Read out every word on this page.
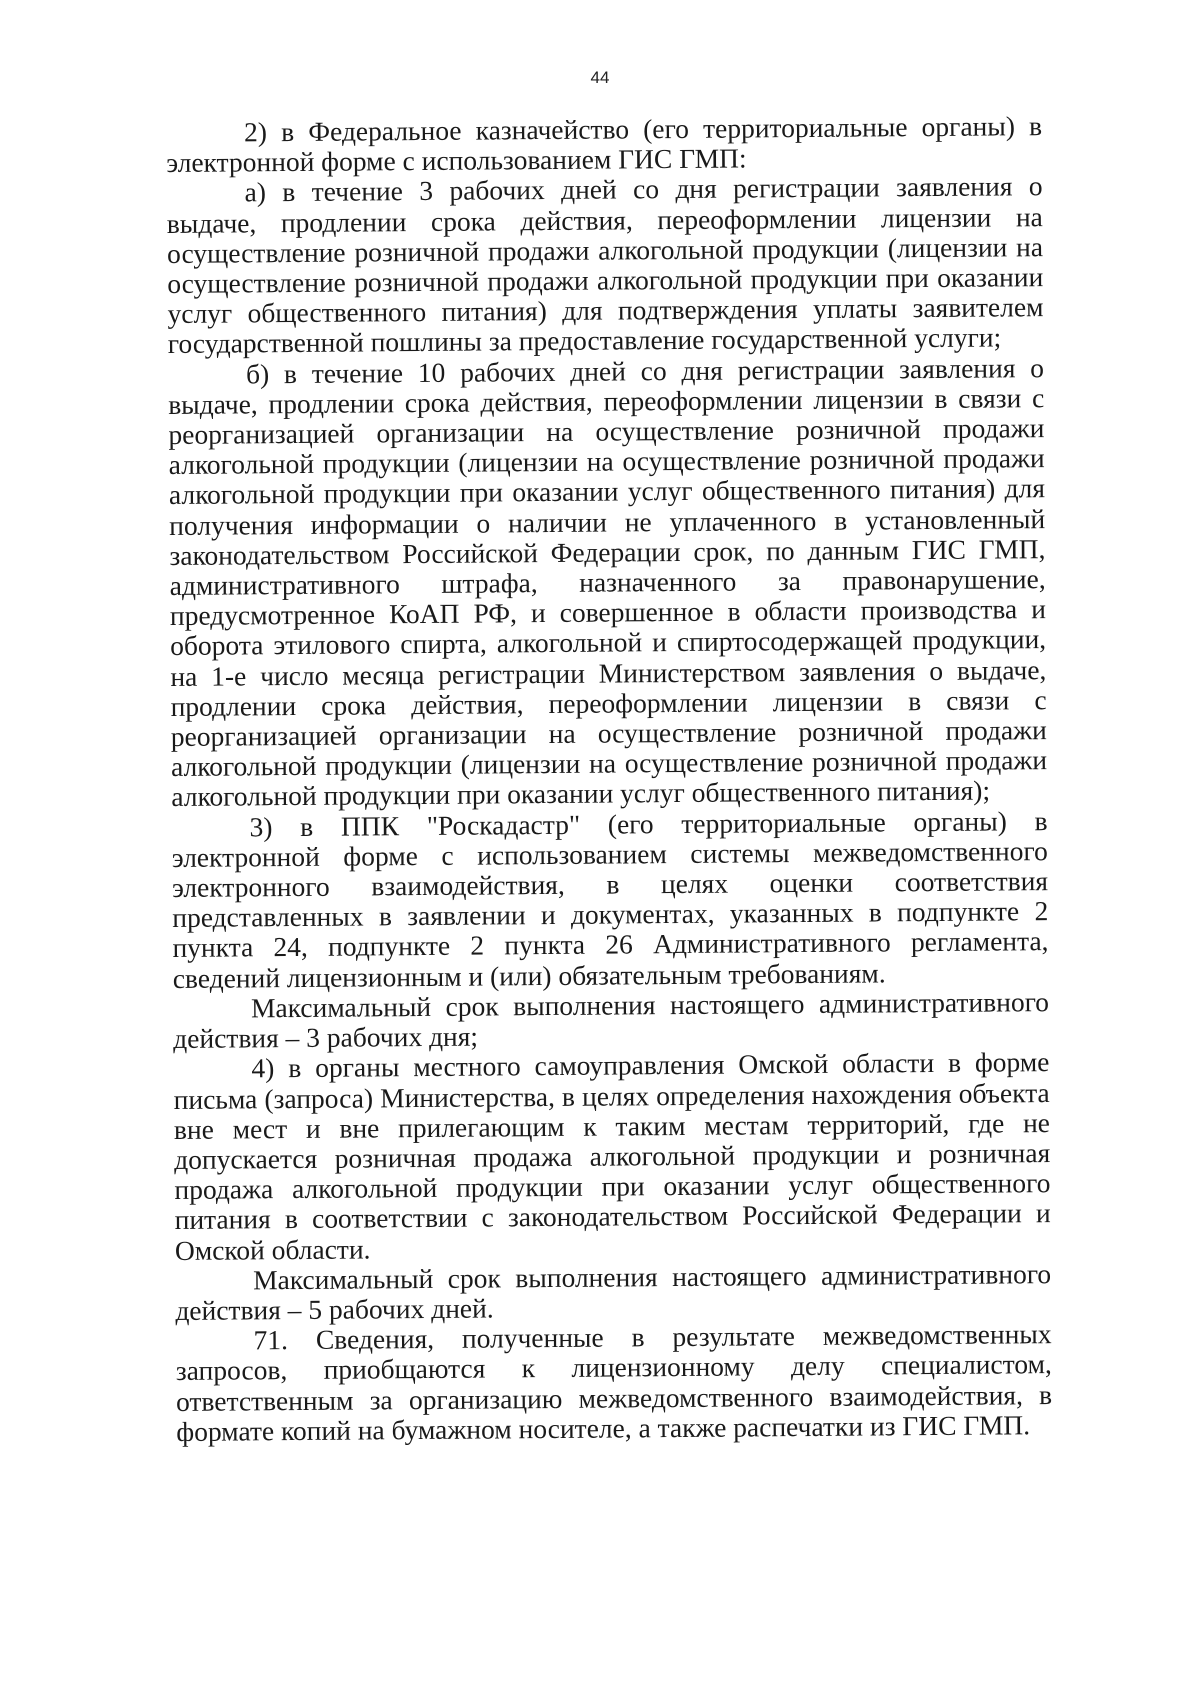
44

2) в Федеральное казначейство (его территориальные органы) в электронной форме с использованием ГИС ГМП:

а) в течение 3 рабочих дней со дня регистрации заявления о выдаче, продлении срока действия, переоформлении лицензии на осуществление розничной продажи алкогольной продукции (лицензии на осуществление розничной продажи алкогольной продукции при оказании услуг общественного питания) для подтверждения уплаты заявителем государственной пошлины за предоставление государственной услуги;

б) в течение 10 рабочих дней со дня регистрации заявления о выдаче, продлении срока действия, переоформлении лицензии в связи с реорганизацией организации на осуществление розничной продажи алкогольной продукции (лицензии на осуществление розничной продажи алкогольной продукции при оказании услуг общественного питания) для получения информации о наличии не уплаченного в установленный законодательством Российской Федерации срок, по данным ГИС ГМП, административного штрафа, назначенного за правонарушение, предусмотренное КоАП РФ, и совершенное в области производства и оборота этилового спирта, алкогольной и спиртосодержащей продукции, на 1-е число месяца регистрации Министерством заявления о выдаче, продлении срока действия, переоформлении лицензии в связи с реорганизацией организации на осуществление розничной продажи алкогольной продукции (лицензии на осуществление розничной продажи алкогольной продукции при оказании услуг общественного питания);

3) в ППК "Роскадастр" (его территориальные органы) в электронной форме с использованием системы межведомственного электронного взаимодействия, в целях оценки соответствия представленных в заявлении и документах, указанных в подпункте 2 пункта 24, подпункте 2 пункта 26 Административного регламента, сведений лицензионным и (или) обязательным требованиям.

Максимальный срок выполнения настоящего административного действия – 3 рабочих дня;

4) в органы местного самоуправления Омской области в форме письма (запроса) Министерства, в целях определения нахождения объекта вне мест и вне прилегающим к таким местам территорий, где не допускается розничная продажа алкогольной продукции и розничная продажа алкогольной продукции при оказании услуг общественного питания в соответствии с законодательством Российской Федерации и Омской области.

Максимальный срок выполнения настоящего административного действия – 5 рабочих дней.

71. Сведения, полученные в результате межведомственных запросов, приобщаются к лицензионному делу специалистом, ответственным за организацию межведомственного взаимодействия, в формате копий на бумажном носителе, а также распечатки из ГИС ГМП.
